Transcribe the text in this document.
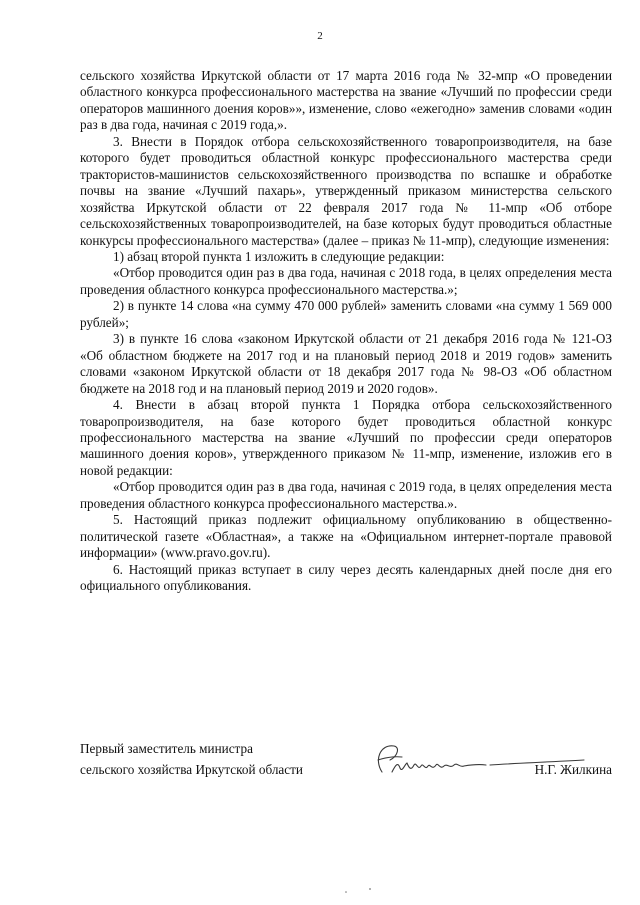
2

сельского хозяйства Иркутской области от 17 марта 2016 года № 32-мпр «О проведении областного конкурса профессионального мастерства на звание «Лучший по профессии среди операторов машинного доения коров»», изменение, слово «ежегодно» заменив словами «один раз в два года, начиная с 2019 года,».

3. Внести в Порядок отбора сельскохозяйственного товаропроизводителя, на базе которого будет проводиться областной конкурс профессионального мастерства среди трактористов-машинистов сельскохозяйственного производства по вспашке и обработке почвы на звание «Лучший пахарь», утвержденный приказом министерства сельского хозяйства Иркутской области от 22 февраля 2017 года № 11-мпр «Об отборе сельскохозяйственных товаропроизводителей, на базе которых будут проводиться областные конкурсы профессионального мастерства» (далее – приказ № 11-мпр), следующие изменения:

1) абзац второй пункта 1 изложить в следующие редакции:

«Отбор проводится один раз в два года, начиная с 2018 года, в целях определения места проведения областного конкурса профессионального мастерства.»;

2) в пункте 14 слова «на сумму 470 000 рублей» заменить словами «на сумму 1 569 000 рублей»;

3) в пункте 16 слова «законом Иркутской области от 21 декабря 2016 года № 121-ОЗ «Об областном бюджете на 2017 год и на плановый период 2018 и 2019 годов» заменить словами «законом Иркутской области от 18 декабря 2017 года № 98-ОЗ «Об областном бюджете на 2018 год и на плановый период 2019 и 2020 годов».

4. Внести в абзац второй пункта 1 Порядка отбора сельскохозяйственного товаропроизводителя, на базе которого будет проводиться областной конкурс профессионального мастерства на звание «Лучший по профессии среди операторов машинного доения коров», утвержденного приказом № 11-мпр, изменение, изложив его в новой редакции:

«Отбор проводится один раз в два года, начиная с 2019 года, в целях определения места проведения областного конкурса профессионального мастерства.».

5. Настоящий приказ подлежит официальному опубликованию в общественно-политической газете «Областная», а также на «Официальном интернет-портале правовой информации» (www.pravo.gov.ru).

6. Настоящий приказ вступает в силу через десять календарных дней после дня его официального опубликования.

Первый заместитель министра
сельского хозяйства Иркутской области	Н.Г. Жилкина
